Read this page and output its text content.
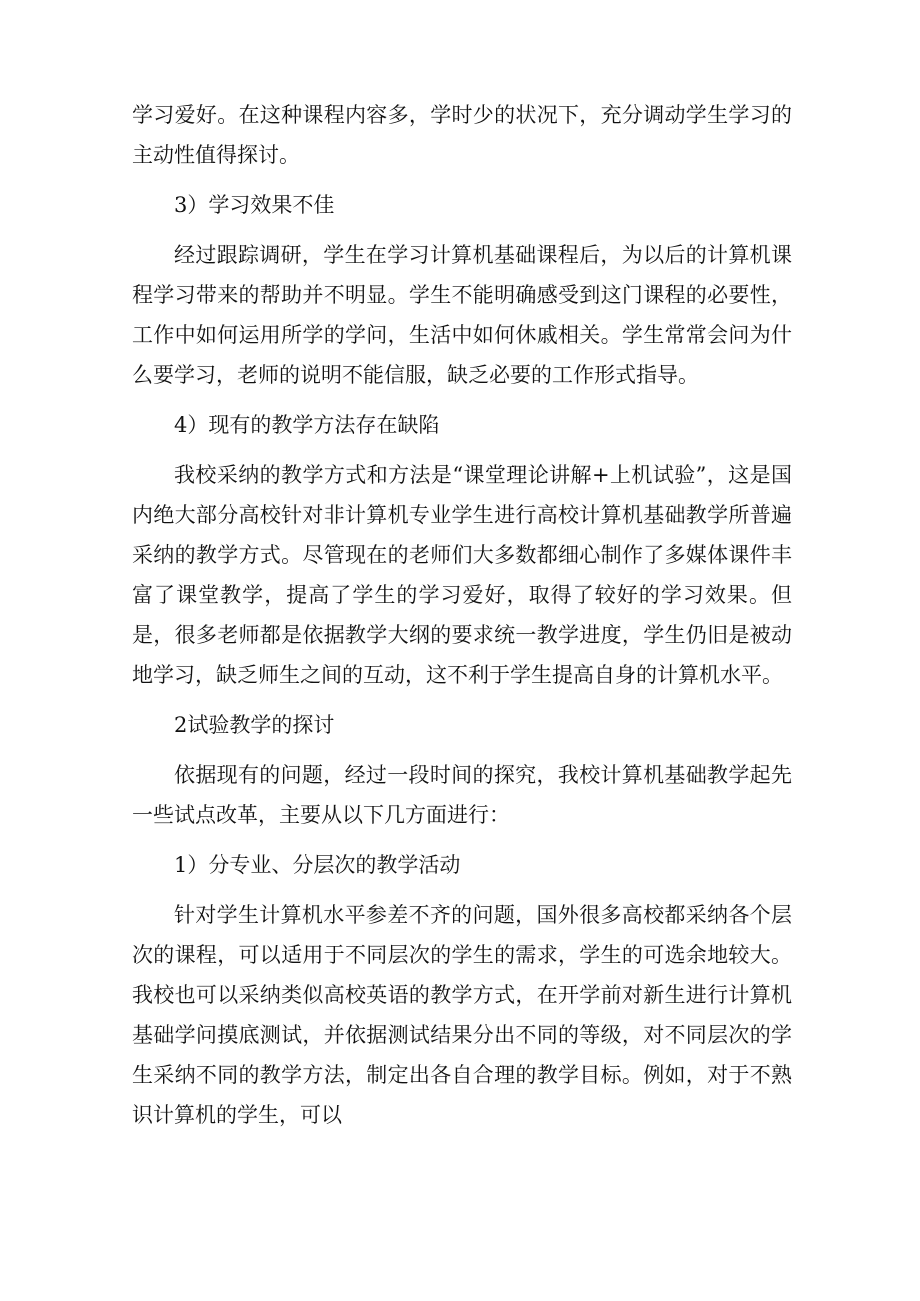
学习爱好。在这种课程内容多，学时少的状况下，充分调动学生学习的主动性值得探讨。

3）学习效果不佳

经过跟踪调研，学生在学习计算机基础课程后，为以后的计算机课程学习带来的帮助并不明显。学生不能明确感受到这门课程的必要性，工作中如何运用所学的学问，生活中如何休戚相关。学生常常会问为什么要学习，老师的说明不能信服，缺乏必要的工作形式指导。

4）现有的教学方法存在缺陷

我校采纳的教学方式和方法是“课堂理论讲解+上机试验”，这是国内绝大部分高校针对非计算机专业学生进行高校计算机基础教学所普遍采纳的教学方式。尽管现在的老师们大多数都细心制作了多媒体课件丰富了课堂教学，提高了学生的学习爱好，取得了较好的学习效果。但是，很多老师都是依据教学大纲的要求统一教学进度，学生仍旧是被动地学习，缺乏师生之间的互动，这不利于学生提高自身的计算机水平。

2试验教学的探讨

依据现有的问题，经过一段时间的探究，我校计算机基础教学起先一些试点改革，主要从以下几方面进行：

1）分专业、分层次的教学活动

针对学生计算机水平参差不齐的问题，国外很多高校都采纳各个层次的课程，可以适用于不同层次的学生的需求，学生的可选余地较大。我校也可以采纳类似高校英语的教学方式，在开学前对新生进行计算机基础学问摸底测试，并依据测试结果分出不同的等级，对不同层次的学生采纳不同的教学方法，制定出各自合理的教学目标。例如，对于不熟识计算机的学生，可以
